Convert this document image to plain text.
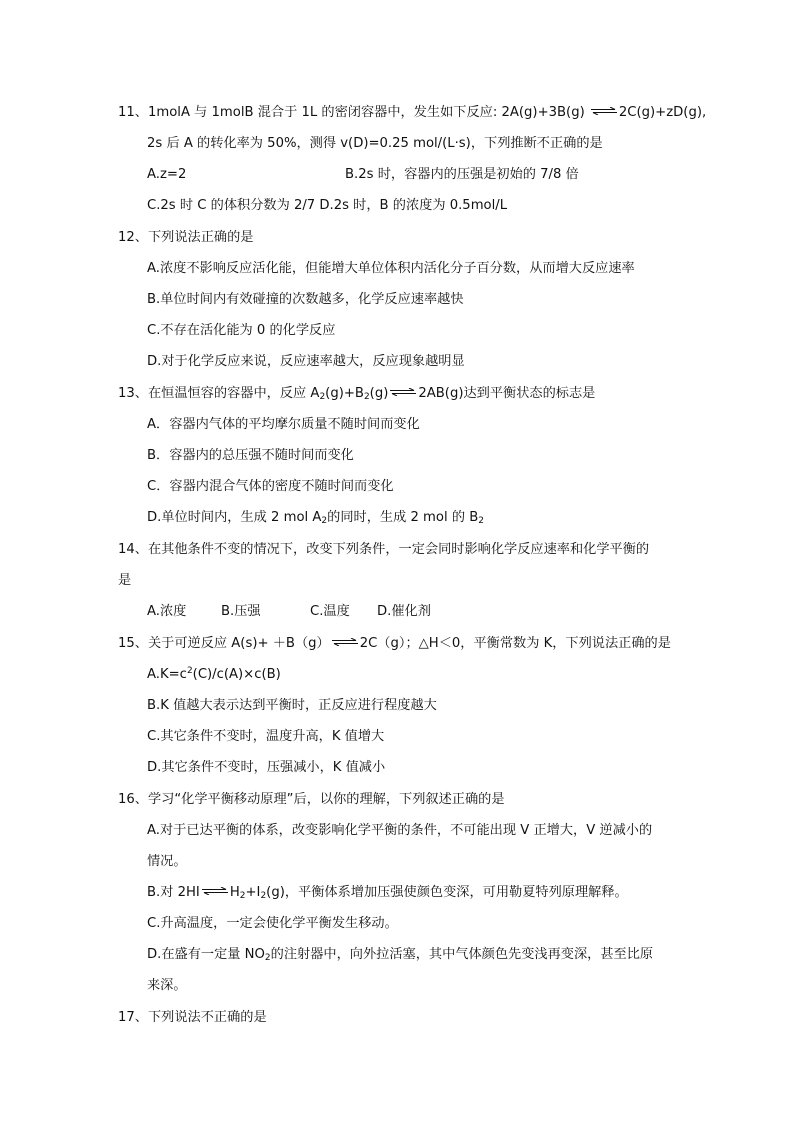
11、1molA 与 1molB 混合于 1L 的密闭容器中，发生如下反应: 2A(g)+3B(g) ⇌ 2C(g)+zD(g),
2s 后 A 的转化率为 50%，测得 v(D)=0.25 mol/(L·s)，下列推断不正确的是
A.z=2	B.2s 时，容器内的压强是初始的 7/8 倍
C.2s 时 C 的体积分数为 2/7 D.2s 时，B 的浓度为 0.5mol/L
12、下列说法正确的是
A.浓度不影响反应活化能，但能增大单位体积内活化分子百分数，从而增大反应速率
B.单位时间内有效碰撞的次数越多，化学反应速率越快
C.不存在活化能为 0 的化学反应
D.对于化学反应来说，反应速率越大，反应现象越明显
13、在恒温恒容的容器中，反应 $A_2(g)+B_2(g)$ ⇌ 2AB(g)达到平衡状态的标志是
A．容器内气体的平均摩尔质量不随时间而变化
B．容器内的总压强不随时间而变化
C．容器内混合气体的密度不随时间而变化
D.单位时间内，生成 2 mol $A_2$的同时，生成 2 mol 的 $B_2$
14、在其他条件不变的情况下，改变下列条件，一定会同时影响化学反应速率和化学平衡的
是
A.浓度	B.压强	C.温度 D.催化剂
15、关于可逆反应 A(s)+ ＋B（g） ⇌ 2C（g）；△H＜0，平衡常数为 K，下列说法正确的是
$A.K=c^2(C)/c(A)\times c(B)$
B.K 值越大表示达到平衡时，正反应进行程度越大
C.其它条件不变时，温度升高，K 值增大
D.其它条件不变时，压强减小，K 值减小
16、学习“化学平衡移动原理”后，以你的理解，下列叙述正确的是
A.对于已达平衡的体系，改变影响化学平衡的条件，不可能出现 V 正增大，V 逆减小的
情况。
B.对 2HI ⇌ $H_2+I_2(g)$，平衡体系增加压强使颜色变深，可用勒夏特列原理解释。
C.升高温度，一定会使化学平衡发生移动。
D.在盛有一定量 $NO_2$的注射器中，向外拉活塞，其中气体颜色先变浅再变深，甚至比原
来深。
17、下列说法不正确的是
